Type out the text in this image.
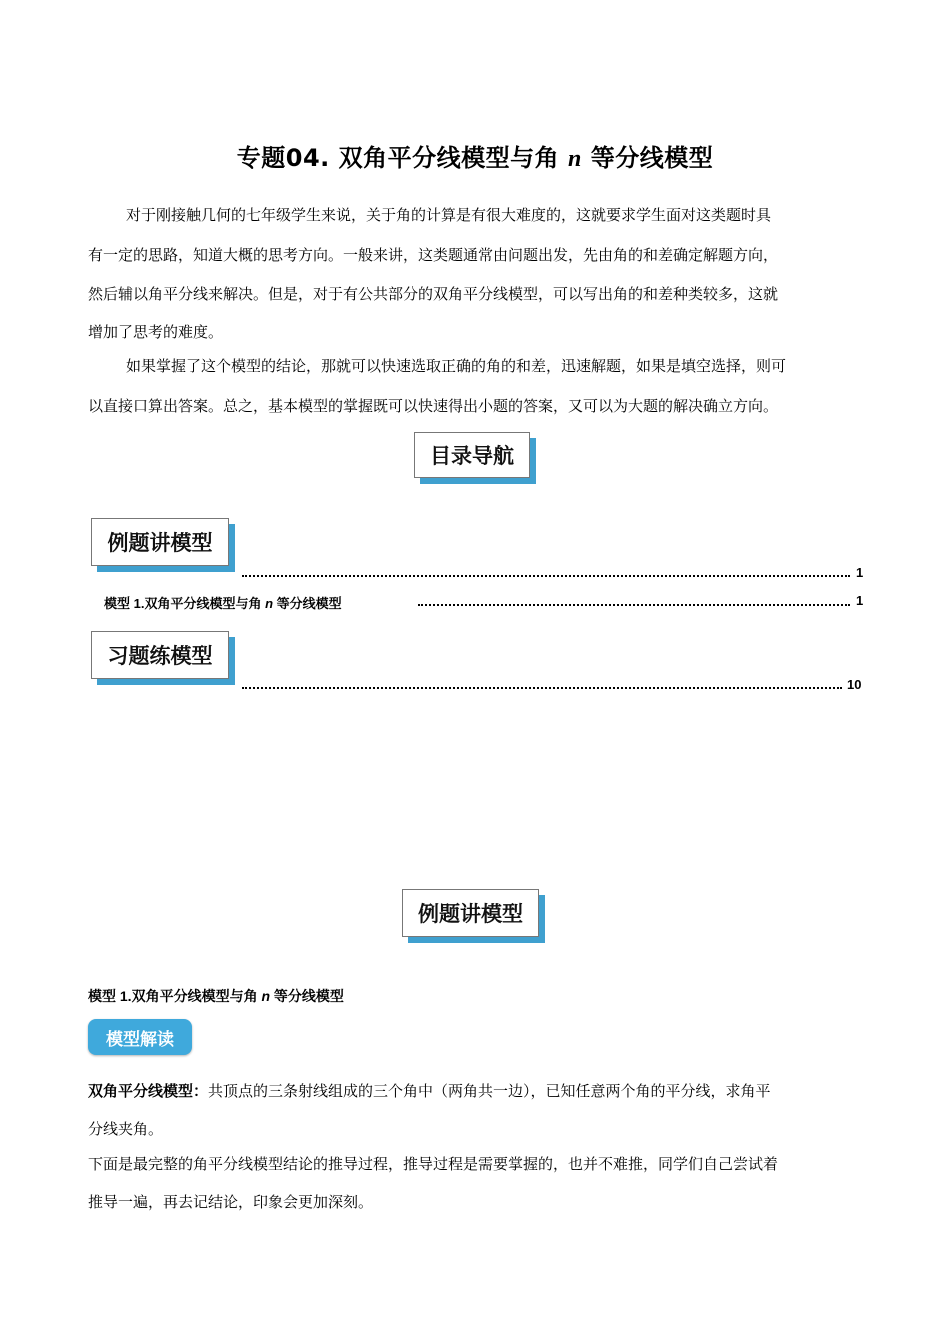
专题04. 双角平分线模型与角 n 等分线模型
对于刚接触几何的七年级学生来说，关于角的计算是有很大难度的，这就要求学生面对这类题时具
有一定的思路，知道大概的思考方向。一般来讲，这类题通常由问题出发，先由角的和差确定解题方向，
然后辅以角平分线来解决。但是，对于有公共部分的双角平分线模型，可以写出角的和差种类较多，这就
增加了思考的难度。
如果掌握了这个模型的结论，那就可以快速选取正确的角的和差，迅速解题，如果是填空选择，则可
以直接口算出答案。总之，基本模型的掌握既可以快速得出小题的答案，又可以为大题的解决确立方向。
目录导航
例题讲模型
1
模型 1.双角平分线模型与角 n 等分线模型	1
习题练模型
10
例题讲模型
模型 1.双角平分线模型与角 n 等分线模型
模型解读
双角平分线模型：共顶点的三条射线组成的三个角中（两角共一边），已知任意两个角的平分线，求角平
分线夹角。
下面是最完整的角平分线模型结论的推导过程，推导过程是需要掌握的，也并不难推，同学们自己尝试着
推导一遍，再去记结论，印象会更加深刻。
